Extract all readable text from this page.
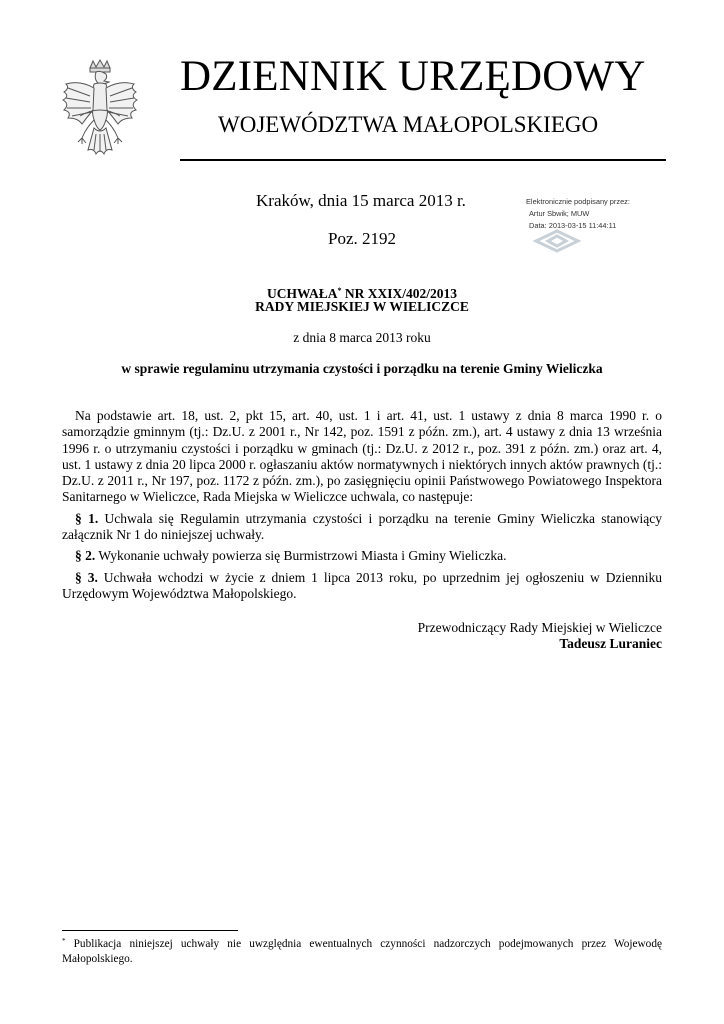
DZIENNIK URZĘDOWY
WOJEWÓDZTWA MAŁOPOLSKIEGO
Kraków, dnia 15 marca 2013 r.
Poz. 2192
Elektronicznie podpisany przez:
Artur Sbwik; MUW
Data: 2013-03-15 11:44:11
UCHWAŁA* NR XXIX/402/2013
RADY MIEJSKIEJ W WIELICZCE
z dnia 8 marca 2013 roku
w sprawie regulaminu utrzymania czystości i porządku na terenie Gminy Wieliczka

Na podstawie art. 18, ust. 2, pkt 15, art. 40, ust. 1 i art. 41, ust. 1 ustawy z dnia 8 marca 1990 r. o samorządzie gminnym (tj.: Dz.U. z 2001 r., Nr 142, poz. 1591 z późn. zm.), art. 4 ustawy z dnia 13 września 1996 r. o utrzymaniu czystości i porządku w gminach (tj.: Dz.U. z 2012 r., poz. 391 z późn. zm.) oraz art. 4, ust. 1 ustawy z dnia 20 lipca 2000 r. ogłaszaniu aktów normatywnych i niektórych innych aktów prawnych (tj.: Dz.U. z 2011 r., Nr 197, poz. 1172 z późn. zm.), po zasięgnięciu opinii Państwowego Powiatowego Inspektora Sanitarnego w Wieliczce, Rada Miejska w Wieliczce uchwala, co następuje:

§ 1. Uchwala się Regulamin utrzymania czystości i porządku na terenie Gminy Wieliczka stanowiący załącznik Nr 1 do niniejszej uchwały.

§ 2. Wykonanie uchwały powierza się Burmistrzowi Miasta i Gminy Wieliczka.

§ 3. Uchwała wchodzi w życie z dniem 1 lipca 2013 roku, po uprzednim jej ogłoszeniu w Dzienniku Urzędowym Województwa Małopolskiego.

Przewodniczący Rady Miejskiej w Wieliczce
Tadeusz Luraniec
* Publikacja niniejszej uchwały nie uwzględnia ewentualnych czynności nadzorczych podejmowanych przez Wojewodę Małopolskiego.
